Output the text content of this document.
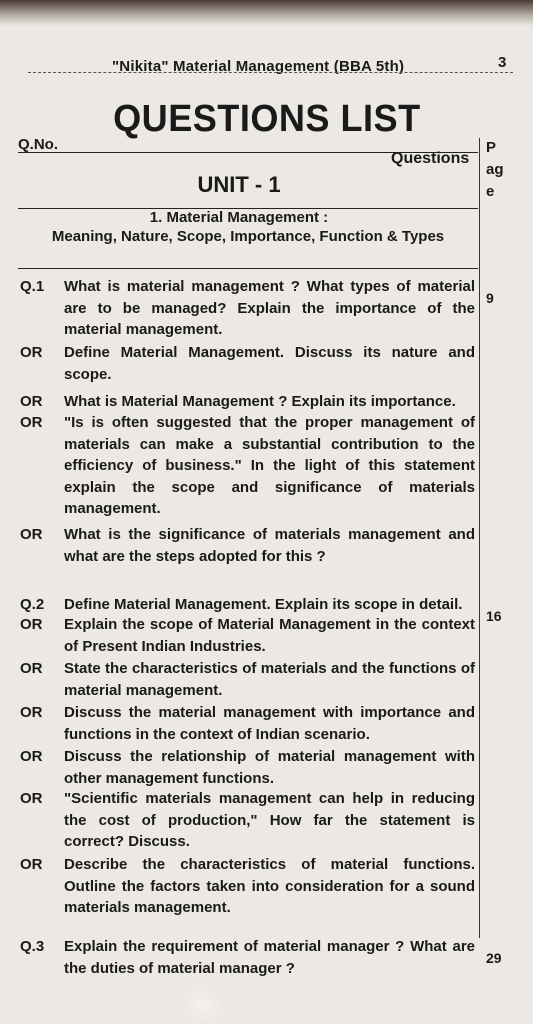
"Nikita" Material Management (BBA 5th)	3
QUESTIONS LIST
Q.No.
Questions
Page
UNIT - 1
1. Material Management :
Meaning, Nature, Scope, Importance, Function & Types
Q.1 What is material management ? What types of material are to be managed? Explain the importance of the material management.
9
OR Define Material Management. Discuss its nature and scope.
OR What is Material Management ? Explain its importance.
OR "Is is often suggested that the proper management of materials can make a substantial contribution to the efficiency of business." In the light of this statement explain the scope and significance of materials management.
OR What is the significance of materials management and what are the steps adopted for this ?
Q.2 Define Material Management. Explain its scope in detail.
16
OR Explain the scope of Material Management in the context of Present Indian Industries.
OR State the characteristics of materials and the functions of material management.
OR Discuss the material management with importance and functions in the context of Indian scenario.
OR Discuss the relationship of material management with other management functions.
OR "Scientific materials management can help in reducing the cost of production," How far the statement is correct? Discuss.
OR Describe the characteristics of material functions. Outline the factors taken into consideration for a sound materials management.
Q.3 Explain the requirement of material manager ? What are the duties of material manager ?
29
